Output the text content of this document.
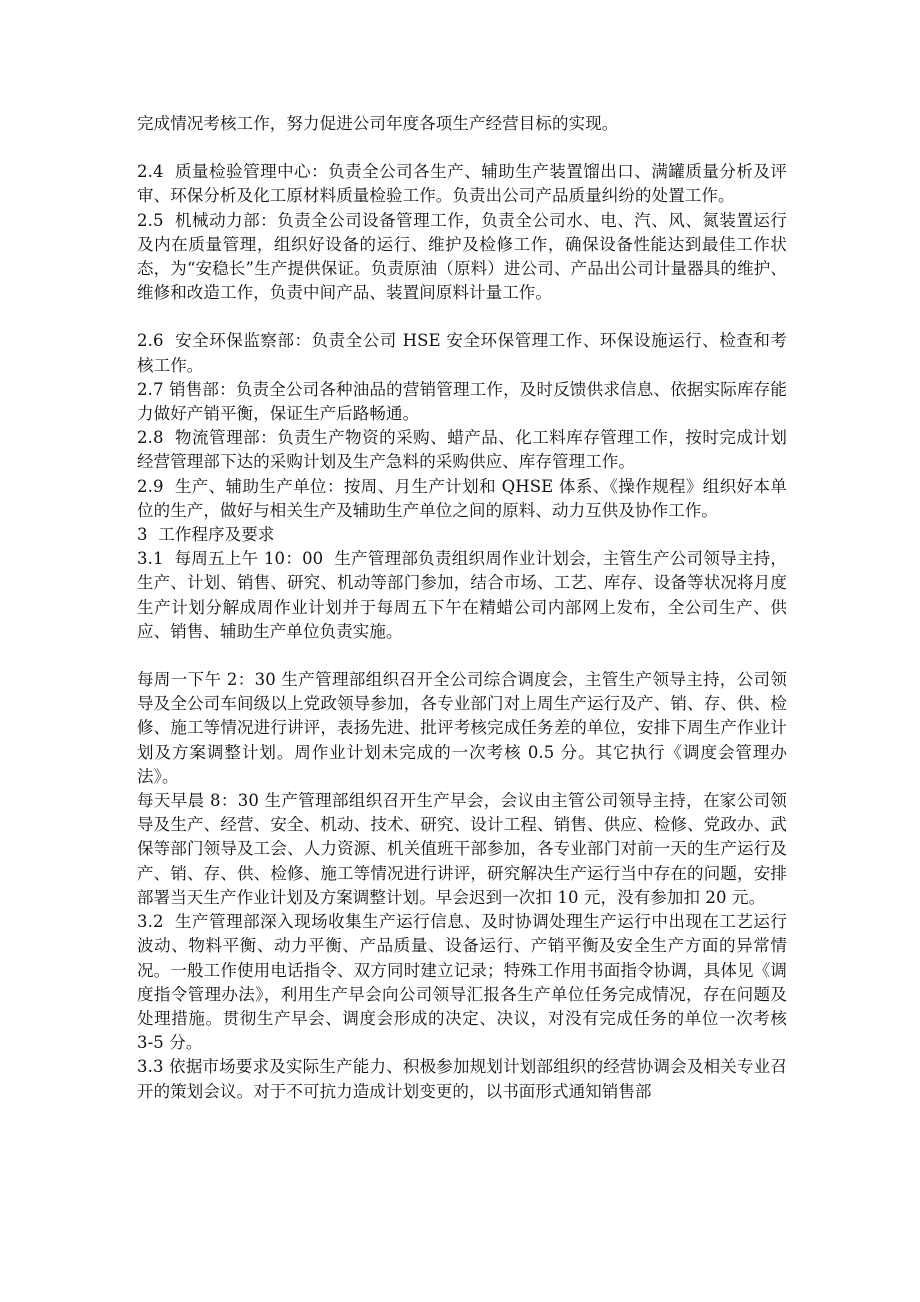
完成情况考核工作，努力促进公司年度各项生产经营目标的实现。

2.4  质量检验管理中心：负责全公司各生产、辅助生产装置馏出口、满罐质量分析及评审、环保分析及化工原材料质量检验工作。负责出公司产品质量纠纷的处置工作。

2.5  机械动力部：负责全公司设备管理工作，负责全公司水、电、汽、风、氮装置运行及内在质量管理，组织好设备的运行、维护及检修工作，确保设备性能达到最佳工作状态，为“安稳长”生产提供保证。负责原油（原料）进公司、产品出公司计量器具的维护、维修和改造工作，负责中间产品、装置间原料计量工作。

2.6  安全环保监察部：负责全公司 HSE 安全环保管理工作、环保设施运行、检查和考核工作。

2.7 销售部：负责全公司各种油品的营销管理工作，及时反馈供求信息、依据实际库存能力做好产销平衡，保证生产后路畅通。

2.8  物流管理部：负责生产物资的采购、蜡产品、化工料库存管理工作，按时完成计划经营管理部下达的采购计划及生产急料的采购供应、库存管理工作。

2.9  生产、辅助生产单位：按周、月生产计划和 QHSE 体系、《操作规程》组织好本单位的生产，做好与相关生产及辅助生产单位之间的原料、动力互供及协作工作。

3  工作程序及要求

3.1  每周五上午 10：00  生产管理部负责组织周作业计划会，主管生产公司领导主持，生产、计划、销售、研究、机动等部门参加，结合市场、工艺、库存、设备等状况将月度生产计划分解成周作业计划并于每周五下午在精蜡公司内部网上发布，全公司生产、供应、销售、辅助生产单位负责实施。

每周一下午 2：30 生产管理部组织召开全公司综合调度会，主管生产领导主持，公司领导及全公司车间级以上党政领导参加，各专业部门对上周生产运行及产、销、存、供、检修、施工等情况进行讲评，表扬先进、批评考核完成任务差的单位，安排下周生产作业计划及方案调整计划。周作业计划未完成的一次考核 0.5 分。其它执行《调度会管理办法》。

每天早晨 8：30 生产管理部组织召开生产早会，会议由主管公司领导主持，在家公司领导及生产、经营、安全、机动、技术、研究、设计工程、销售、供应、检修、党政办、武保等部门领导及工会、人力资源、机关值班干部参加，各专业部门对前一天的生产运行及产、销、存、供、检修、施工等情况进行讲评，研究解决生产运行当中存在的问题，安排部署当天生产作业计划及方案调整计划。早会迟到一次扣 10 元，没有参加扣 20 元。

3.2  生产管理部深入现场收集生产运行信息、及时协调处理生产运行中出现在工艺运行波动、物料平衡、动力平衡、产品质量、设备运行、产销平衡及安全生产方面的异常情况。一般工作使用电话指令、双方同时建立记录；特殊工作用书面指令协调，具体见《调度指令管理办法》，利用生产早会向公司领导汇报各生产单位任务完成情况，存在问题及处理措施。贯彻生产早会、调度会形成的决定、决议，对没有完成任务的单位一次考核 3-5 分。

3.3 依据市场要求及实际生产能力、积极参加规划计划部组织的经营协调会及相关专业召开的策划会议。对于不可抗力造成计划变更的，以书面形式通知销售部
